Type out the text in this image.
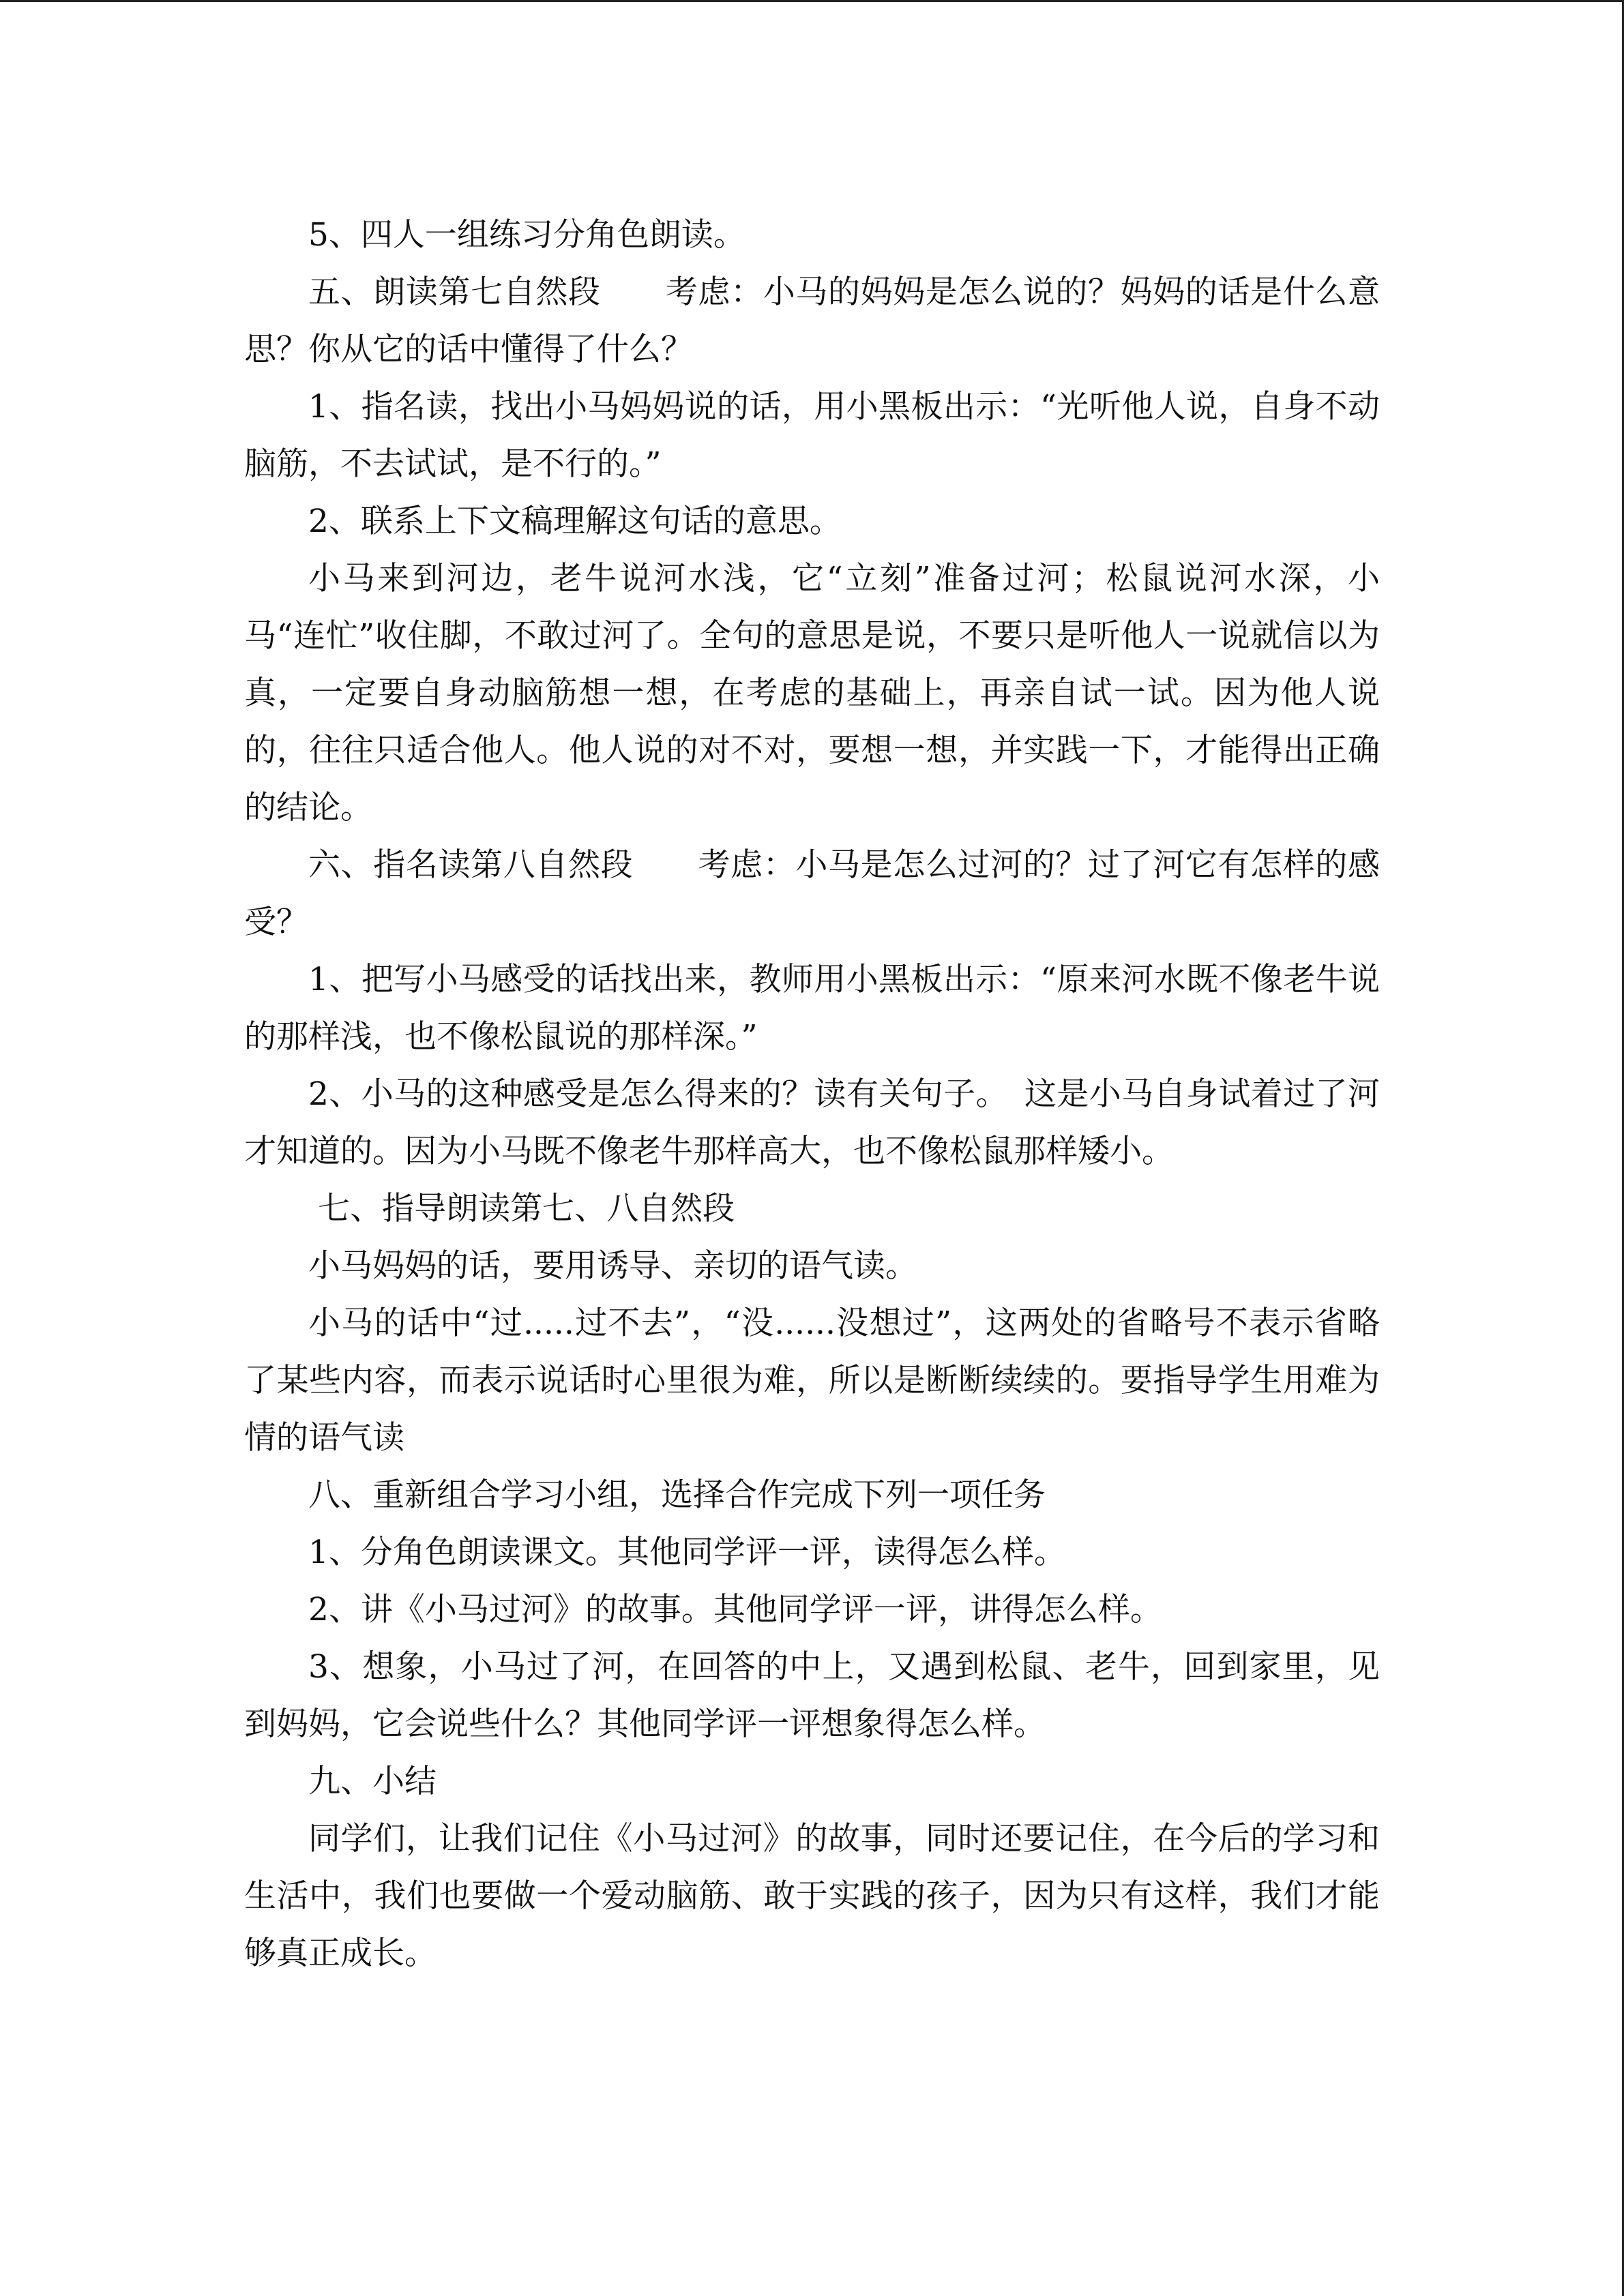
5、四人一组练习分角色朗读。

五、朗读第七自然段　　考虑：小马的妈妈是怎么说的？妈妈的话是什么意思？你从它的话中懂得了什么？

1、指名读，找出小马妈妈说的话，用小黑板出示：“光听他人说，自身不动脑筋，不去试试，是不行的。”

2、联系上下文稿理解这句话的意思。

小马来到河边，老牛说河水浅，它“立刻”准备过河；松鼠说河水深，小马“连忙”收住脚，不敢过河了。全句的意思是说，不要只是听他人一说就信以为真，一定要自身动脑筋想一想，在考虑的基础上，再亲自试一试。因为他人说的，往往只适合他人。他人说的对不对，要想一想，并实践一下，才能得出正确的结论。

六、指名读第八自然段　　考虑：小马是怎么过河的？过了河它有怎样的感受？

1、把写小马感受的话找出来，教师用小黑板出示：“原来河水既不像老牛说的那样浅，也不像松鼠说的那样深。”

2、小马的这种感受是怎么得来的？读有关句子。　这是小马自身试着过了河才知道的。因为小马既不像老牛那样高大，也不像松鼠那样矮小。

七、指导朗读第七、八自然段

小马妈妈的话，要用诱导、亲切的语气读。

小马的话中“过.....过不去”，“没......没想过”，这两处的省略号不表示省略了某些内容，而表示说话时心里很为难，所以是断断续续的。要指导学生用难为情的语气读

八、重新组合学习小组，选择合作完成下列一项任务

1、分角色朗读课文。其他同学评一评，读得怎么样。

2、讲《小马过河》的故事。其他同学评一评，讲得怎么样。

3、想象，小马过了河，在回答的中上，又遇到松鼠、老牛，回到家里，见到妈妈，它会说些什么？其他同学评一评想象得怎么样。

九、小结

同学们，让我们记住《小马过河》的故事，同时还要记住，在今后的学习和生活中，我们也要做一个爱动脑筋、敢于实践的孩子，因为只有这样，我们才能够真正成长。
